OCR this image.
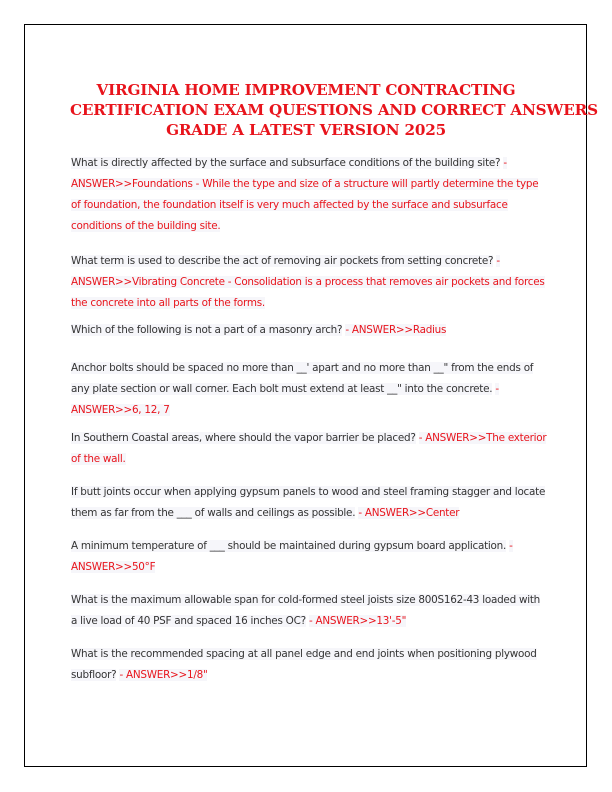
VIRGINIA HOME IMPROVEMENT CONTRACTING
CERTIFICATION EXAM QUESTIONS AND CORRECT ANSWERS
GRADE A LATEST VERSION 2025
What is directly affected by the surface and subsurface conditions of the building site? - ANSWER>>Foundations - While the type and size of a structure will partly determine the type of foundation, the foundation itself is very much affected by the surface and subsurface conditions of the building site.
What term is used to describe the act of removing air pockets from setting concrete? - ANSWER>>Vibrating Concrete - Consolidation is a process that removes air pockets and forces the concrete into all parts of the forms.
Which of the following is not a part of a masonry arch? - ANSWER>>Radius
Anchor bolts should be spaced no more than __' apart and no more than __" from the ends of any plate section or wall corner. Each bolt must extend at least __" into the concrete. - ANSWER>>6, 12, 7
In Southern Coastal areas, where should the vapor barrier be placed? - ANSWER>>The exterior of the wall.
If butt joints occur when applying gypsum panels to wood and steel framing stagger and locate them as far from the ___ of walls and ceilings as possible. - ANSWER>>Center
A minimum temperature of ___ should be maintained during gypsum board application. - ANSWER>>50°F
What is the maximum allowable span for cold-formed steel joists size 800S162-43 loaded with a live load of 40 PSF and spaced 16 inches OC? - ANSWER>>13'-5"
What is the recommended spacing at all panel edge and end joints when positioning plywood subfloor? - ANSWER>>1/8"
